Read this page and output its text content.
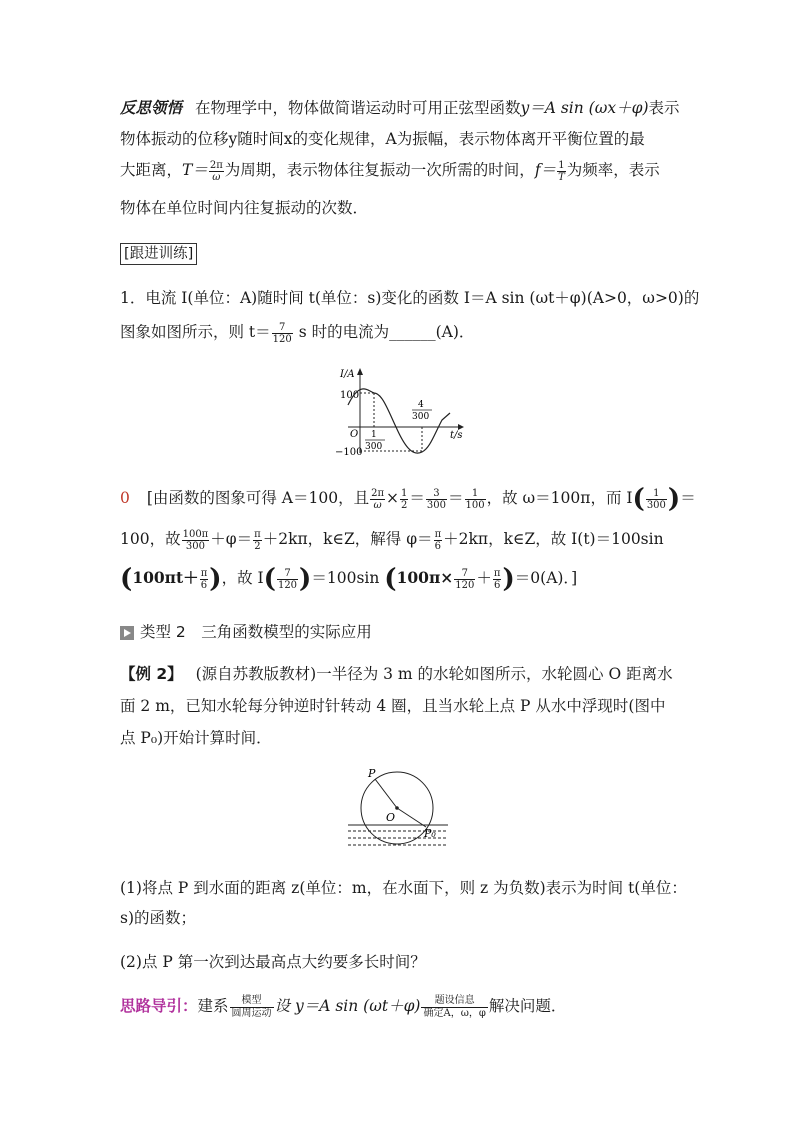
反思领悟 在物理学中，物体做简谐运动时可用正弦型函数y＝A sin (ωx＋φ)表示
物体振动的位移y随时间x的变化规律，A为振幅，表示物体离开平衡位置的最
大距离，$T= \frac{2\pi}{\omega}$ 为周期，表示物体往复振动一次所需的时间，$f= \frac{1}{T}$ 为频率，表示
物体在单位时间内往复振动的次数．
[跟进训练]
1．电流 I(单位：A)随时间 t(单位：s)变化的函数 I＝A sin (ωt＋φ)(A>0，ω>0)的
图象如图所示，则 $t= \frac{7}{120}$ s 时的电流为______(A)．
I/A
t/s
100
−100
O 1
300
4
300
0 [由函数的图象可得 A＝100，且 $\frac{2\pi}{\omega} \times \frac{1}{2} = \frac{3}{300} = \frac{1}{100}$ ，故 ω＝100π，而 $I( \frac{1}{300}$ )＝
100，故 $\frac{100\pi}{300} +\varphi= \frac{\pi}{2} +2k\pi$，k∈Z，解得 $\varphi= \frac{\pi}{6} +2k\pi$，k∈Z，故 I(t)＝100sin
($100\pi t+ \frac{\pi}{6}$ )，故 $I( \frac{7}{120} )=100\sin$ $(100\pi\times \frac{7}{120} + \frac{\pi}{6} )=0(A)$．]
类型 2　三角函数模型的实际应用
【例 2】 (源自苏教版教材)一半径为 3 m 的水轮如图所示，水轮圆心 O 距离水
面 2 m，已知水轮每分钟逆时针转动 4 圈，且当水轮上点 P 从水中浮现时(图中
点 P₀)开始计算时间．
P
O
P₀
(1)将点 P 到水面的距离 z(单位：m，在水面下，则 z 为负数)表示为时间 t(单位：
s)的函数；
(2)点 P 第一次到达最高点大约要多长时间？
思路导引：建系	模型
圆周运动 设 y＝A sin (ωt＋φ)	题设信息
确定A，ω，φ 解决问题．
